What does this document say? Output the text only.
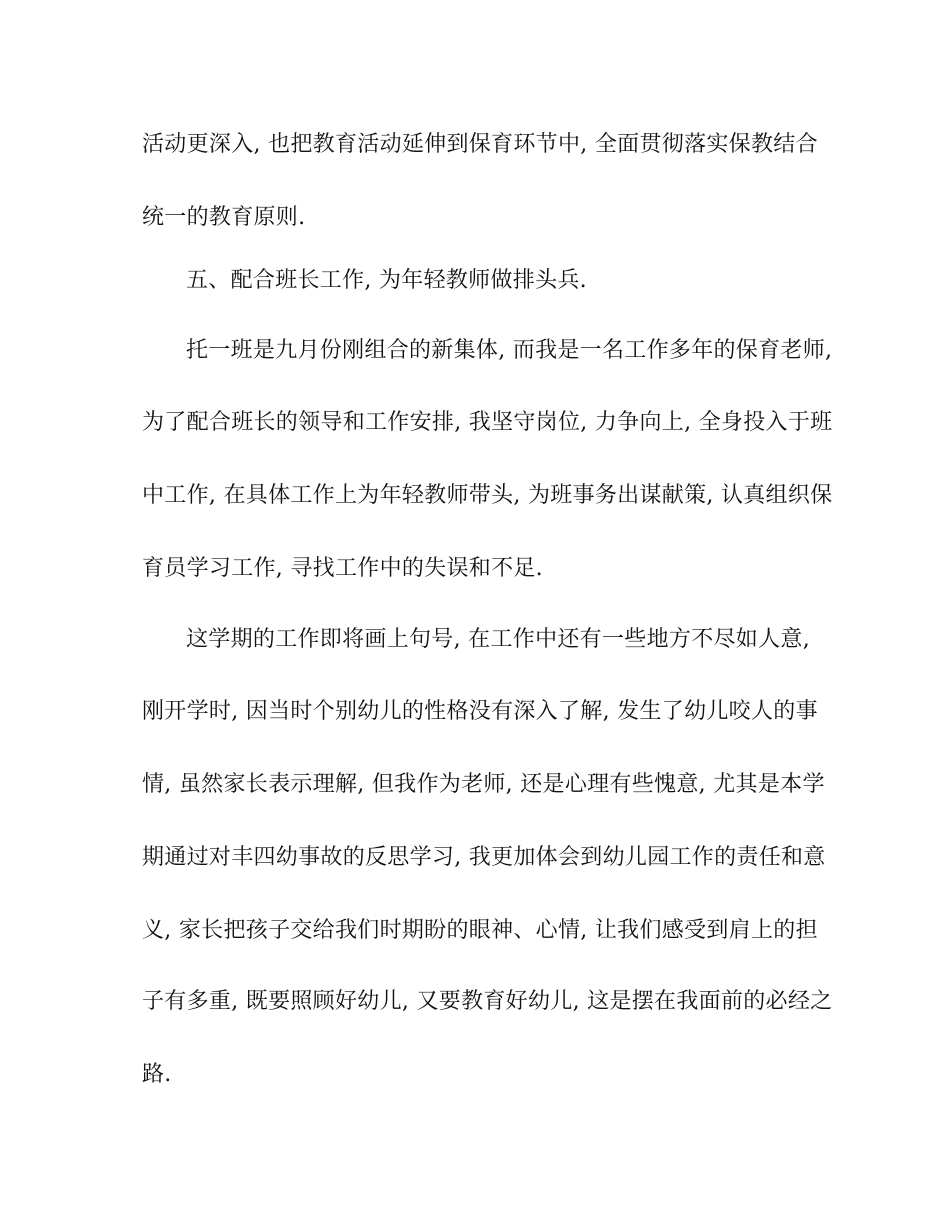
活动更深入, 也把教育活动延伸到保育环节中, 全面贯彻落实保教结合
统一的教育原则.
五、配合班长工作, 为年轻教师做排头兵.
托一班是九月份刚组合的新集体, 而我是一名工作多年的保育老师,
为了配合班长的领导和工作安排, 我坚守岗位, 力争向上, 全身投入于班
中工作, 在具体工作上为年轻教师带头, 为班事务出谋献策, 认真组织保
育员学习工作, 寻找工作中的失误和不足.
这学期的工作即将画上句号, 在工作中还有一些地方不尽如人意,
刚开学时, 因当时个别幼儿的性格没有深入了解, 发生了幼儿咬人的事
情, 虽然家长表示理解, 但我作为老师, 还是心理有些愧意, 尤其是本学
期通过对丰四幼事故的反思学习, 我更加体会到幼儿园工作的责任和意
义, 家长把孩子交给我们时期盼的眼神、心情, 让我们感受到肩上的担
子有多重, 既要照顾好幼儿, 又要教育好幼儿, 这是摆在我面前的必经之
路.
